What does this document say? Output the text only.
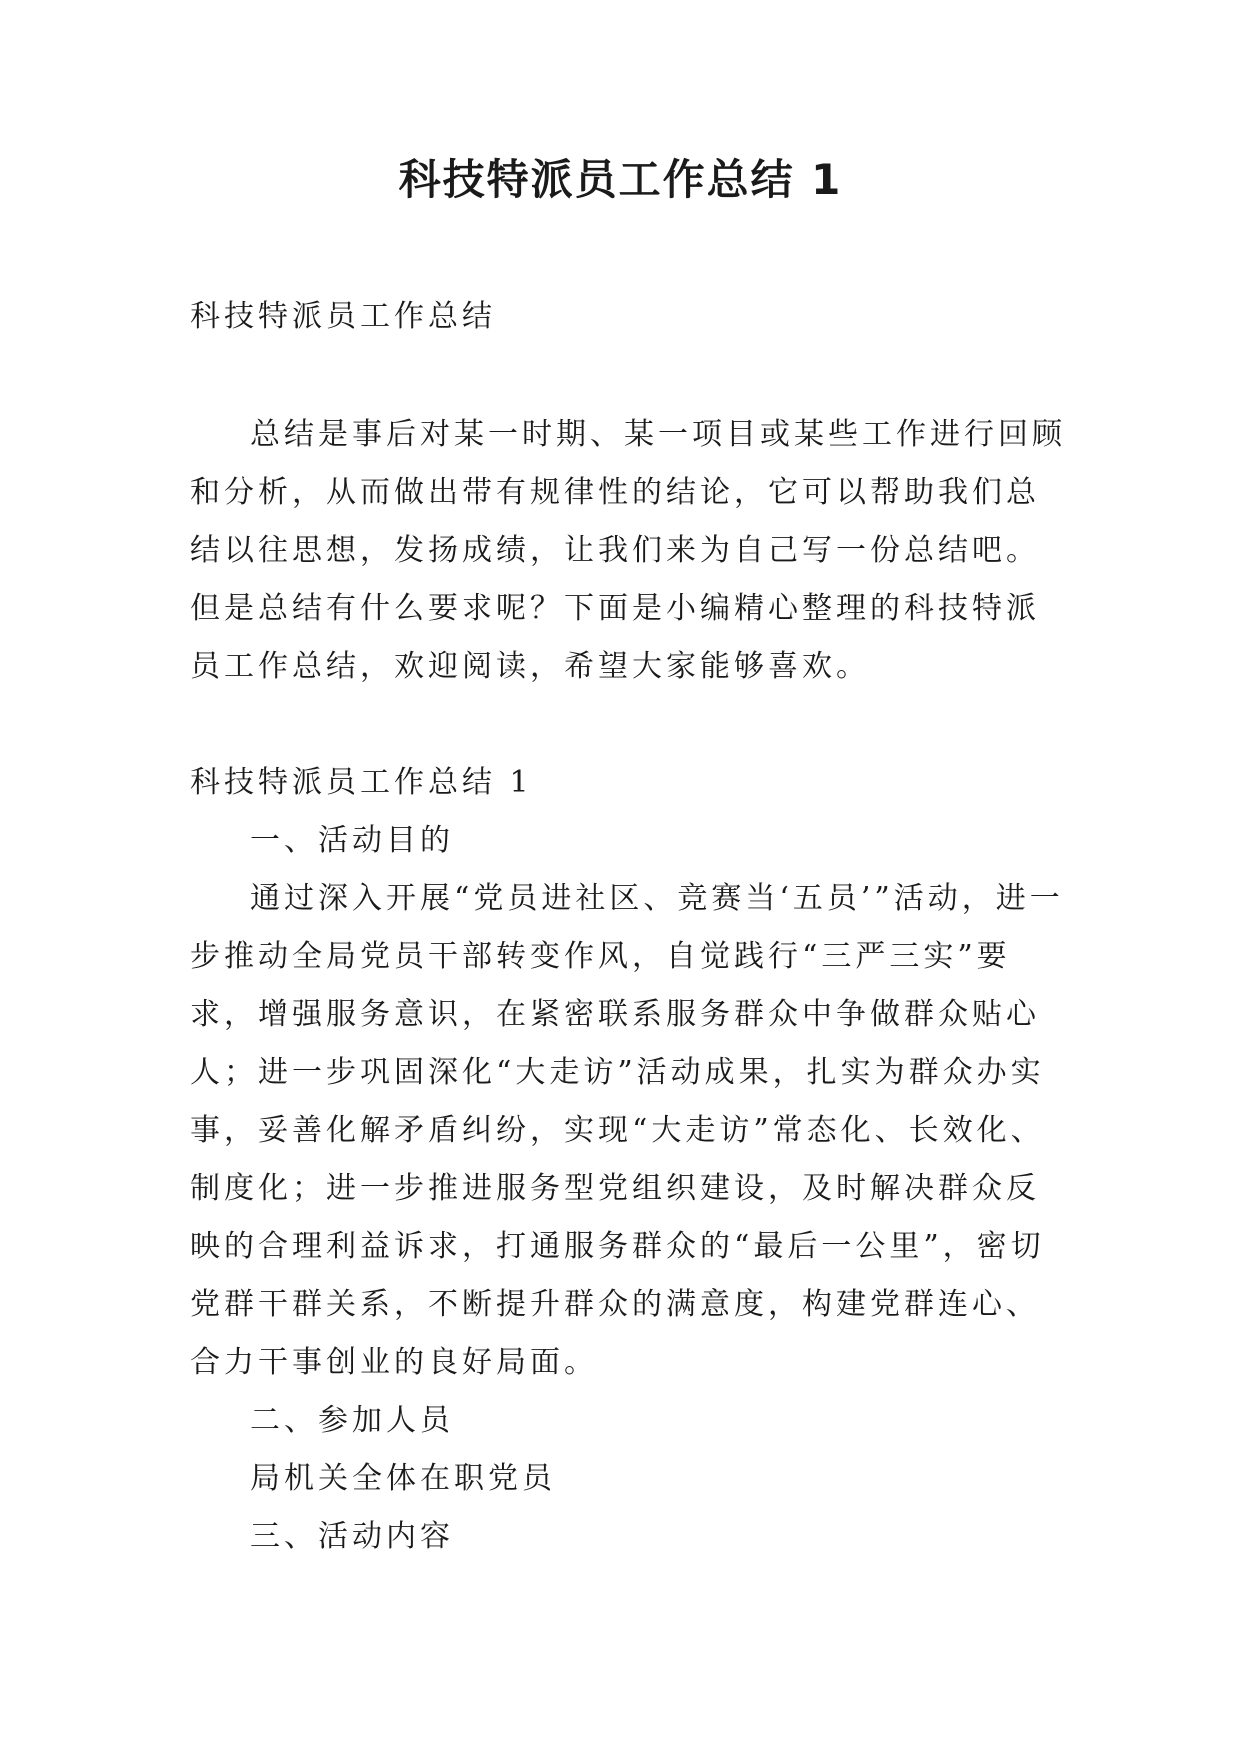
科技特派员工作总结 1

科技特派员工作总结

总结是事后对某一时期、某一项目或某些工作进行回顾和分析，从而做出带有规律性的结论，它可以帮助我们总结以往思想，发扬成绩，让我们来为自己写一份总结吧。但是总结有什么要求呢？下面是小编精心整理的科技特派员工作总结，欢迎阅读，希望大家能够喜欢。

科技特派员工作总结 1

一、活动目的

通过深入开展“党员进社区、竞赛当‘五员’”活动，进一步推动全局党员干部转变作风，自觉践行“三严三实”要求，增强服务意识，在紧密联系服务群众中争做群众贴心人；进一步巩固深化“大走访”活动成果，扎实为群众办实事，妥善化解矛盾纠纷，实现“大走访”常态化、长效化、制度化；进一步推进服务型党组织建设，及时解决群众反映的合理利益诉求，打通服务群众的“最后一公里”，密切党群干群关系，不断提升群众的满意度，构建党群连心、合力干事创业的良好局面。

二、参加人员

局机关全体在职党员

三、活动内容
